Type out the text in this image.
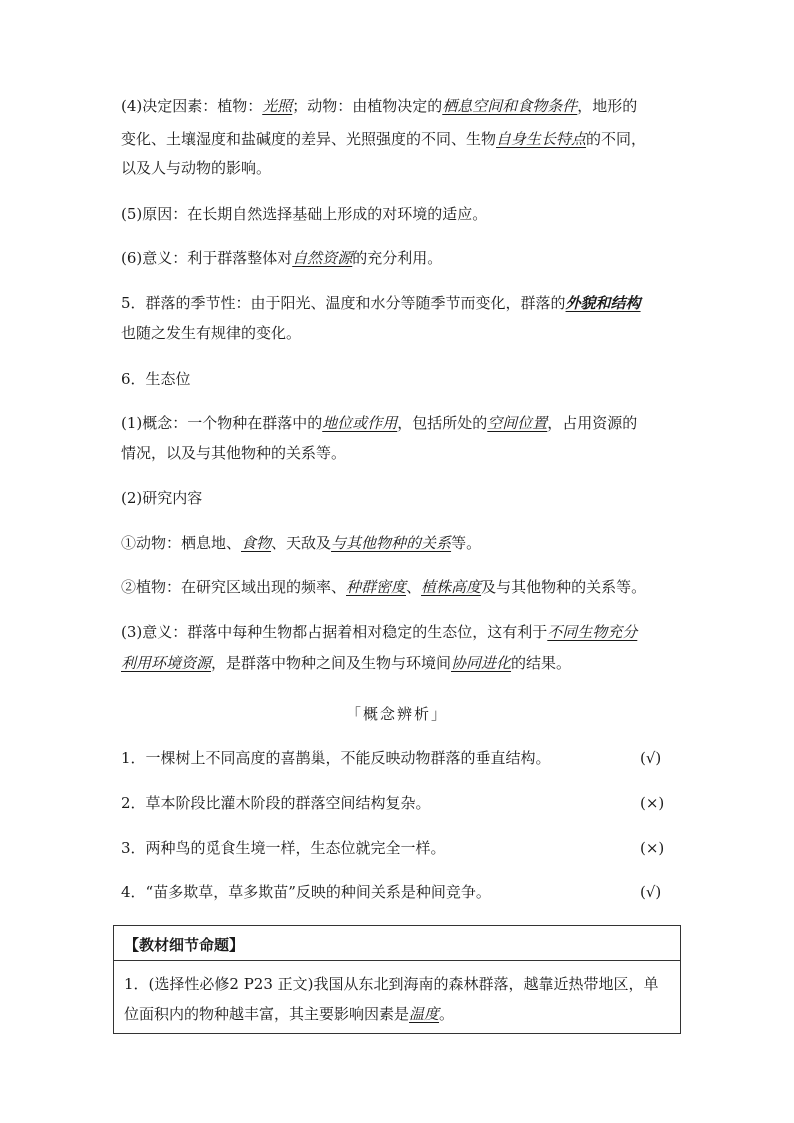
(4)决定因素：植物：光照；动物：由植物决定的栖息空间和食物条件，地形的
变化、土壤湿度和盐碱度的差异、光照强度的不同、生物自身生长特点的不同，
以及人与动物的影响。
(5)原因：在长期自然选择基础上形成的对环境的适应。
(6)意义：利于群落整体对自然资源的充分利用。
5．群落的季节性：由于阳光、温度和水分等随季节而变化，群落的外貌和结构
也随之发生有规律的变化。
6．生态位
(1)概念：一个物种在群落中的地位或作用，包括所处的空间位置，占用资源的
情况，以及与其他物种的关系等。
(2)研究内容
①动物：栖息地、食物、天敌及与其他物种的关系等。
②植物：在研究区域出现的频率、种群密度、植株高度及与其他物种的关系等。
(3)意义：群落中每种生物都占据着相对稳定的生态位，这有利于不同生物充分
利用环境资源，是群落中物种之间及生物与环境间协同进化的结果。
「概念辨析」
1．一棵树上不同高度的喜鹊巢，不能反映动物群落的垂直结构。	(√)
2．草本阶段比灌木阶段的群落空间结构复杂。	(×)
3．两种鸟的觅食生境一样，生态位就完全一样。	(×)
4．“苗多欺草，草多欺苗”反映的种间关系是种间竞争。	(√)
【教材细节命题】
1．(选择性必修2 P23 正文)我国从东北到海南的森林群落，越靠近热带地区，单
位面积内的物种越丰富，其主要影响因素是温度。
